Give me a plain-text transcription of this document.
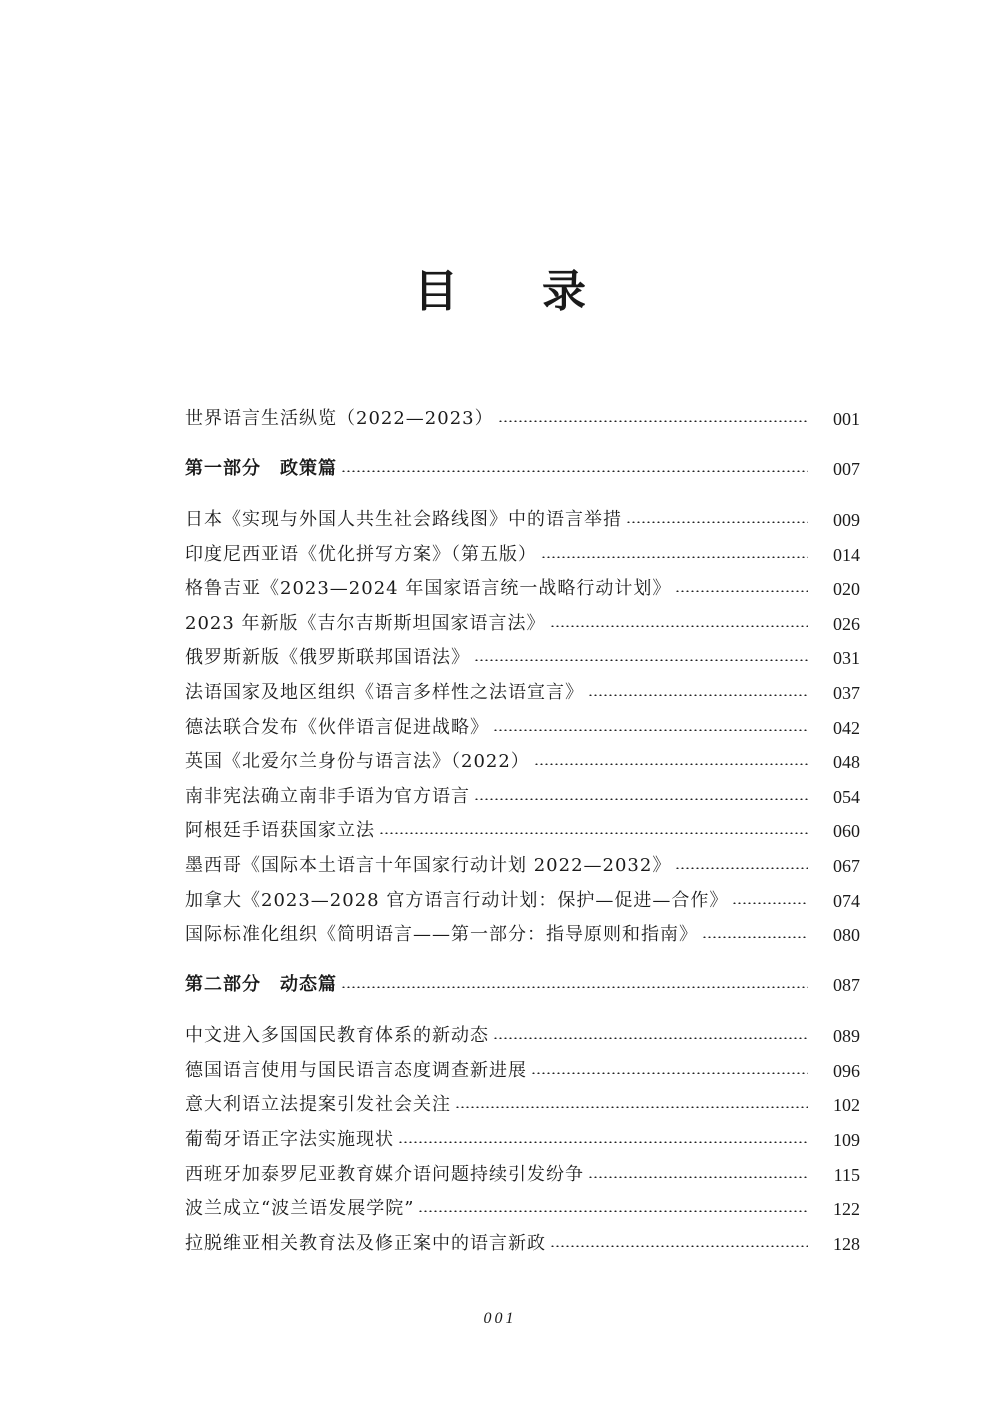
目 录
世界语言生活纵览（2022—2023）	001
第一部分　政策篇	007
日本《实现与外国人共生社会路线图》中的语言举措	009
印度尼西亚语《优化拼写方案》（第五版）	014
格鲁吉亚《2023—2024 年国家语言统一战略行动计划》	020
2023 年新版《吉尔吉斯斯坦国家语言法》	026
俄罗斯新版《俄罗斯联邦国语法》	031
法语国家及地区组织《语言多样性之法语宣言》	037
德法联合发布《伙伴语言促进战略》	042
英国《北爱尔兰身份与语言法》（2022）	048
南非宪法确立南非手语为官方语言	054
阿根廷手语获国家立法	060
墨西哥《国际本土语言十年国家行动计划 2022—2032》	067
加拿大《2023—2028 官方语言行动计划：保护—促进—合作》	074
国际标准化组织《简明语言——第一部分：指导原则和指南》	080
第二部分　动态篇	087
中文进入多国国民教育体系的新动态	089
德国语言使用与国民语言态度调查新进展	096
意大利语立法提案引发社会关注	102
葡萄牙语正字法实施现状	109
西班牙加泰罗尼亚教育媒介语问题持续引发纷争	115
波兰成立“波兰语发展学院”	122
拉脱维亚相关教育法及修正案中的语言新政	128
001
